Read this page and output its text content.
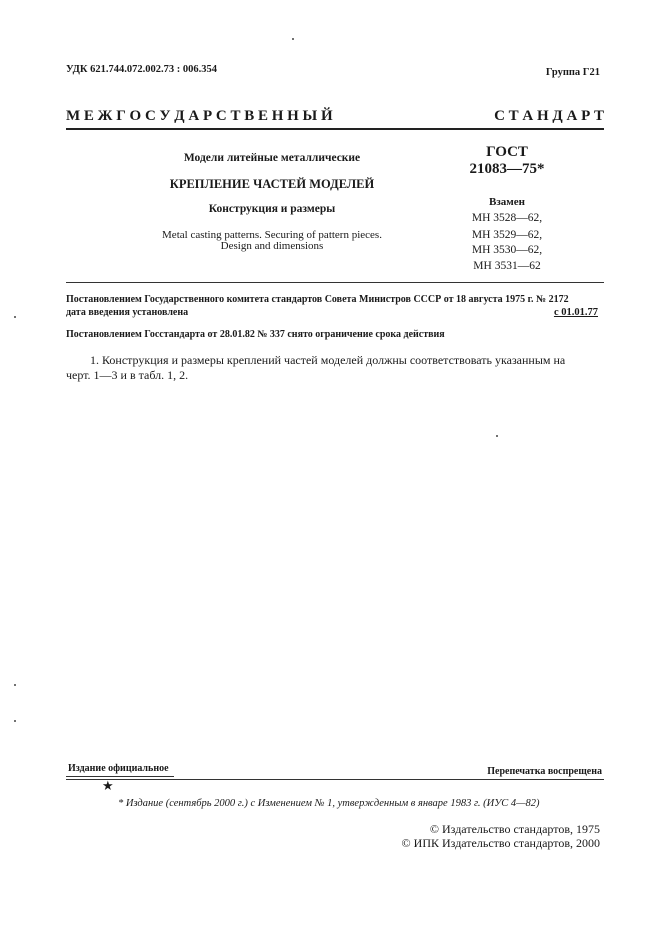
УДК 621.744.072.002.73 : 006.354	Группа Г21
М Е Ж Г О С У Д А Р С Т В Е Н Н Ы Й	С Т А Н Д А Р Т
Модели литейные металлические
КРЕПЛЕНИЕ ЧАСТЕЙ МОДЕЛЕЙ
Конструкция и размеры
Metal casting patterns. Securing of pattern pieces.
Design and dimensions
ГОСТ
21083—75*
Взамен
МН 3528—62,
МН 3529—62,
МН 3530—62,
МН 3531—62
Постановлением Государственного комитета стандартов Совета Министров СССР от 18 августа 1975 г. № 2172
дата введения установлена	с 01.01.77
Постановлением Госстандарта от 28.01.82 № 337 снято ограничение срока действия
1. Конструкция и размеры креплений частей моделей должны соответствовать указанным на
черт. 1—3 и в табл. 1, 2.
Издание официальное	Перепечатка воспрещена
★
* Издание (сентябрь 2000 г.) с Изменением № 1, утвержденным в январе 1983 г. (ИУС 4—82)
© Издательство стандартов, 1975
© ИПК Издательство стандартов, 2000
